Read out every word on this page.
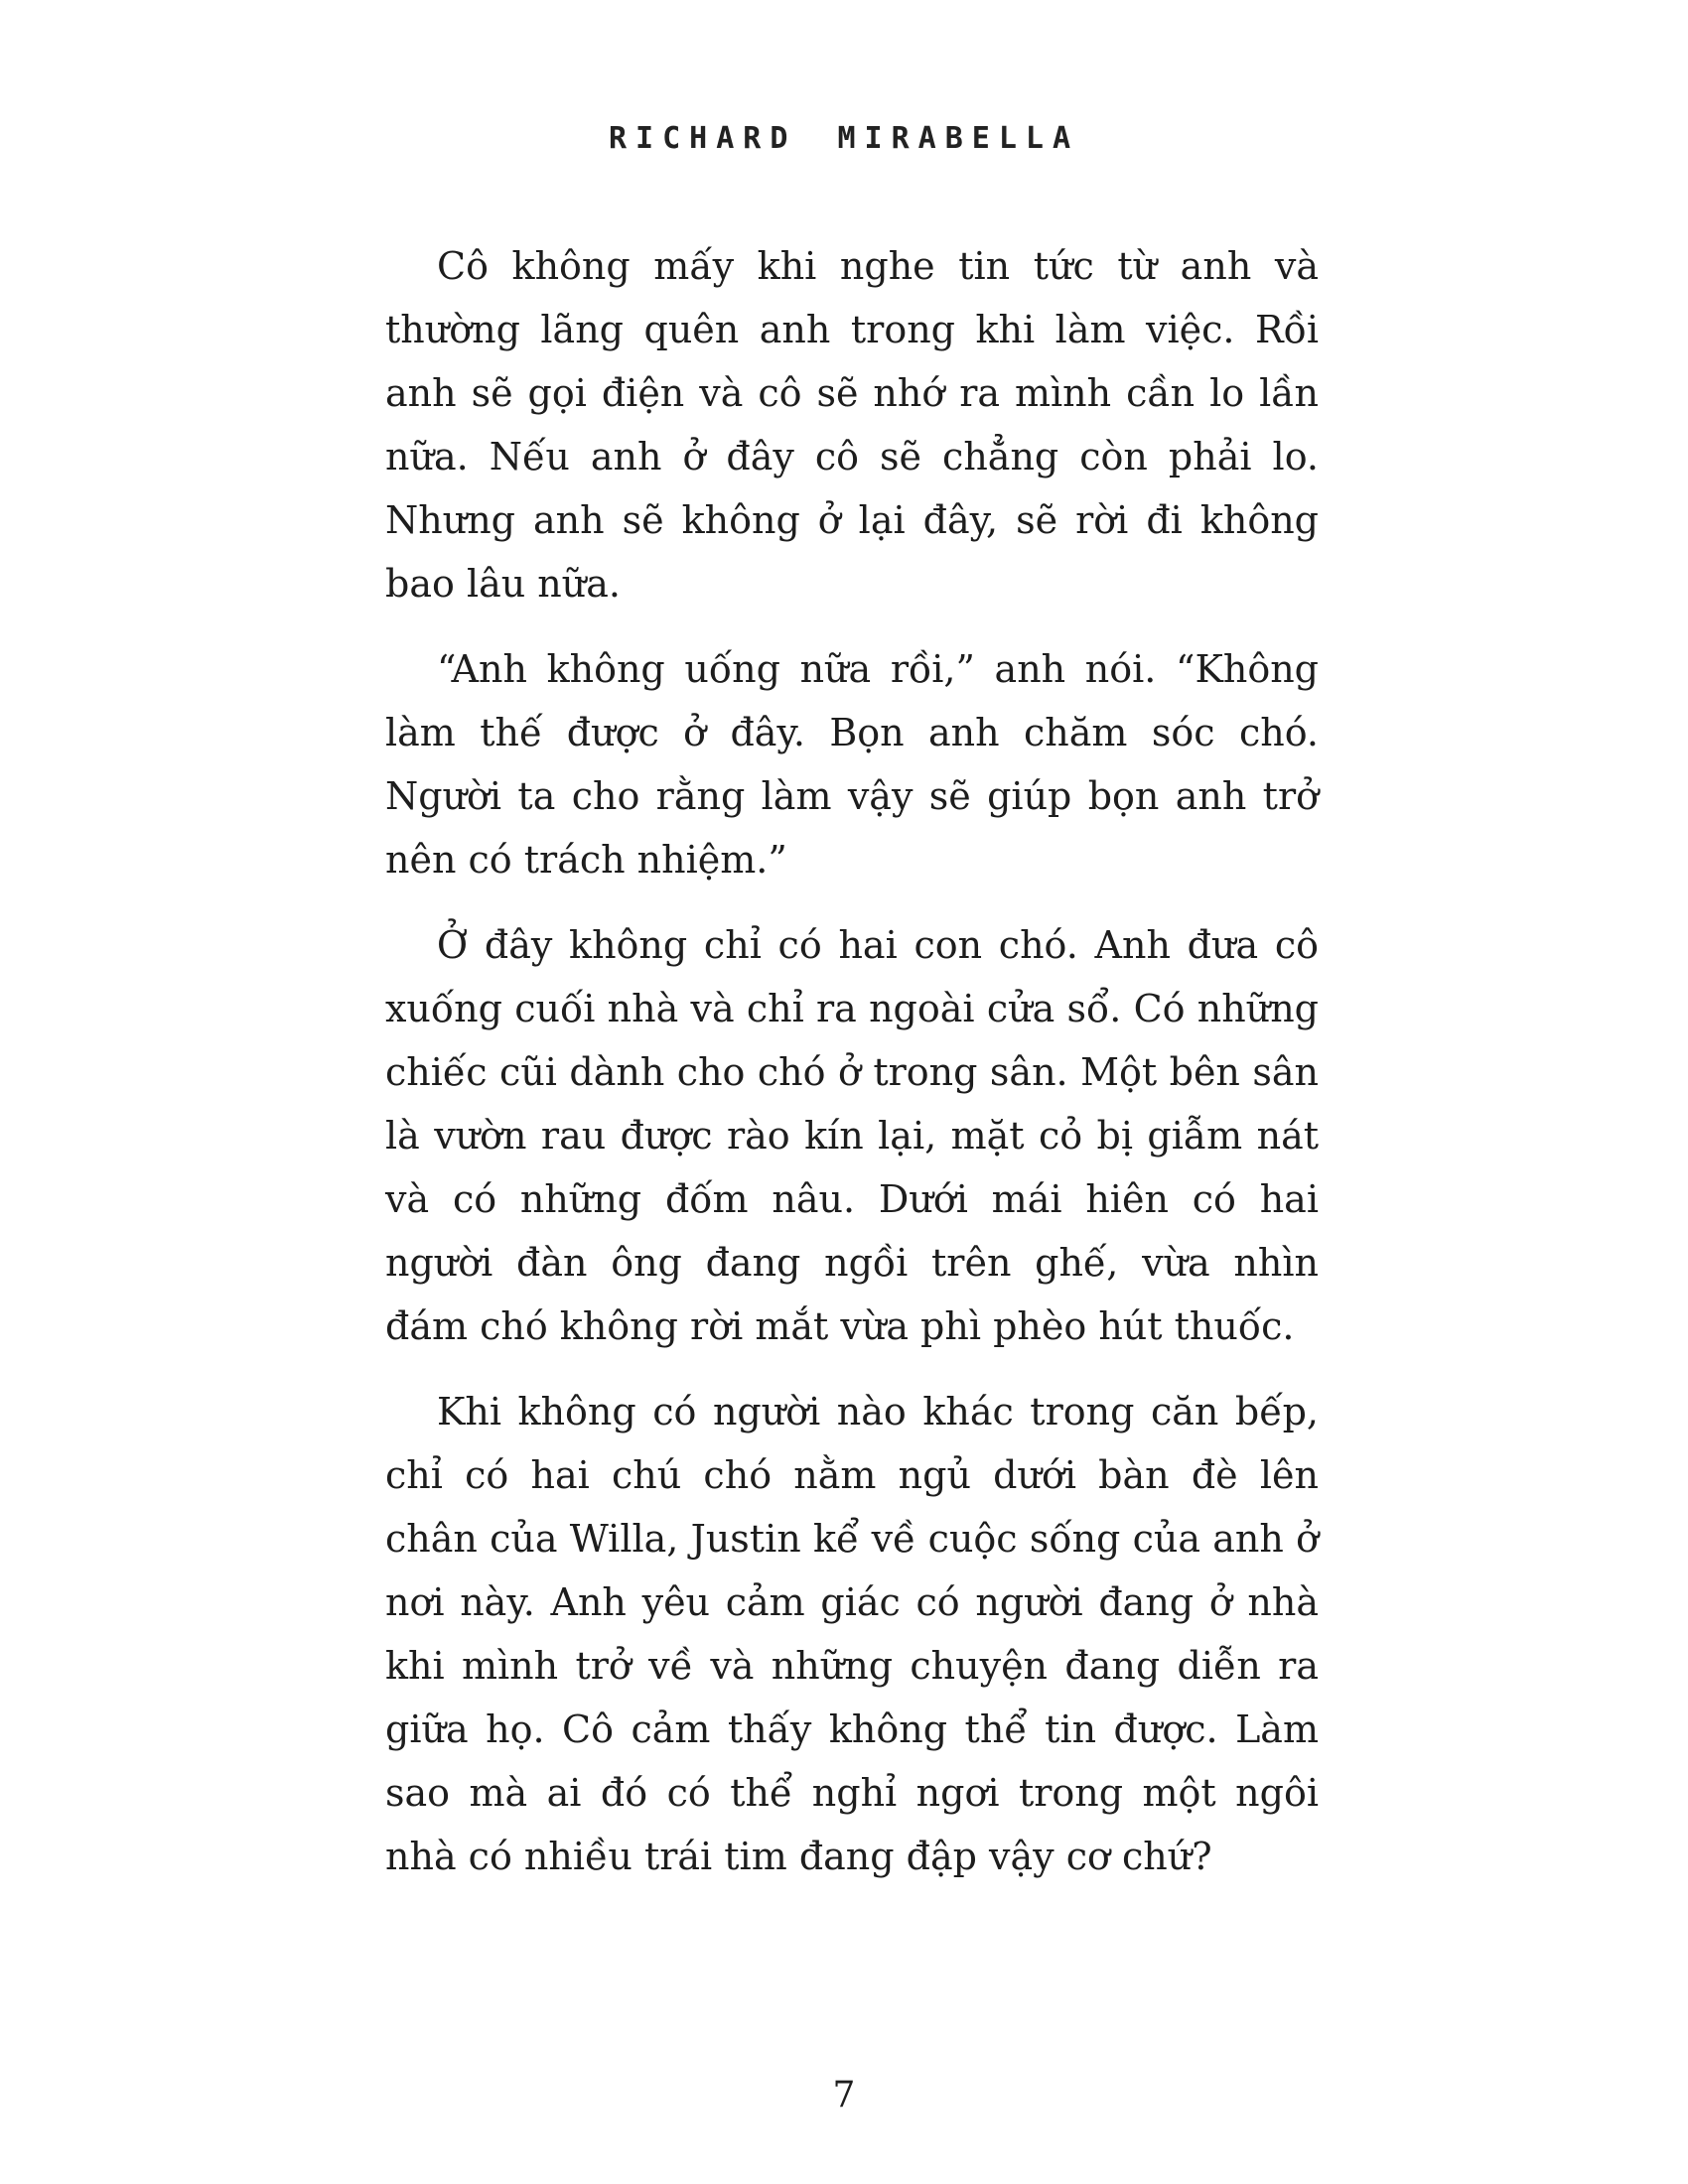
RICHARD MIRABELLA

Cô không mấy khi nghe tin tức từ anh và thường lãng quên anh trong khi làm việc. Rồi anh sẽ gọi điện và cô sẽ nhớ ra mình cần lo lần nữa. Nếu anh ở đây cô sẽ chẳng còn phải lo. Nhưng anh sẽ không ở lại đây, sẽ rời đi không bao lâu nữa.

“Anh không uống nữa rồi,” anh nói. “Không làm thế được ở đây. Bọn anh chăm sóc chó. Người ta cho rằng làm vậy sẽ giúp bọn anh trở nên có trách nhiệm.”

Ở đây không chỉ có hai con chó. Anh đưa cô xuống cuối nhà và chỉ ra ngoài cửa sổ. Có những chiếc cũi dành cho chó ở trong sân. Một bên sân là vườn rau được rào kín lại, mặt cỏ bị giẫm nát và có những đốm nâu. Dưới mái hiên có hai người đàn ông đang ngồi trên ghế, vừa nhìn đám chó không rời mắt vừa phì phèo hút thuốc.

Khi không có người nào khác trong căn bếp, chỉ có hai chú chó nằm ngủ dưới bàn đè lên chân của Willa, Justin kể về cuộc sống của anh ở nơi này. Anh yêu cảm giác có người đang ở nhà khi mình trở về và những chuyện đang diễn ra giữa họ. Cô cảm thấy không thể tin được. Làm sao mà ai đó có thể nghỉ ngơi trong một ngôi nhà có nhiều trái tim đang đập vậy cơ chứ?

7
